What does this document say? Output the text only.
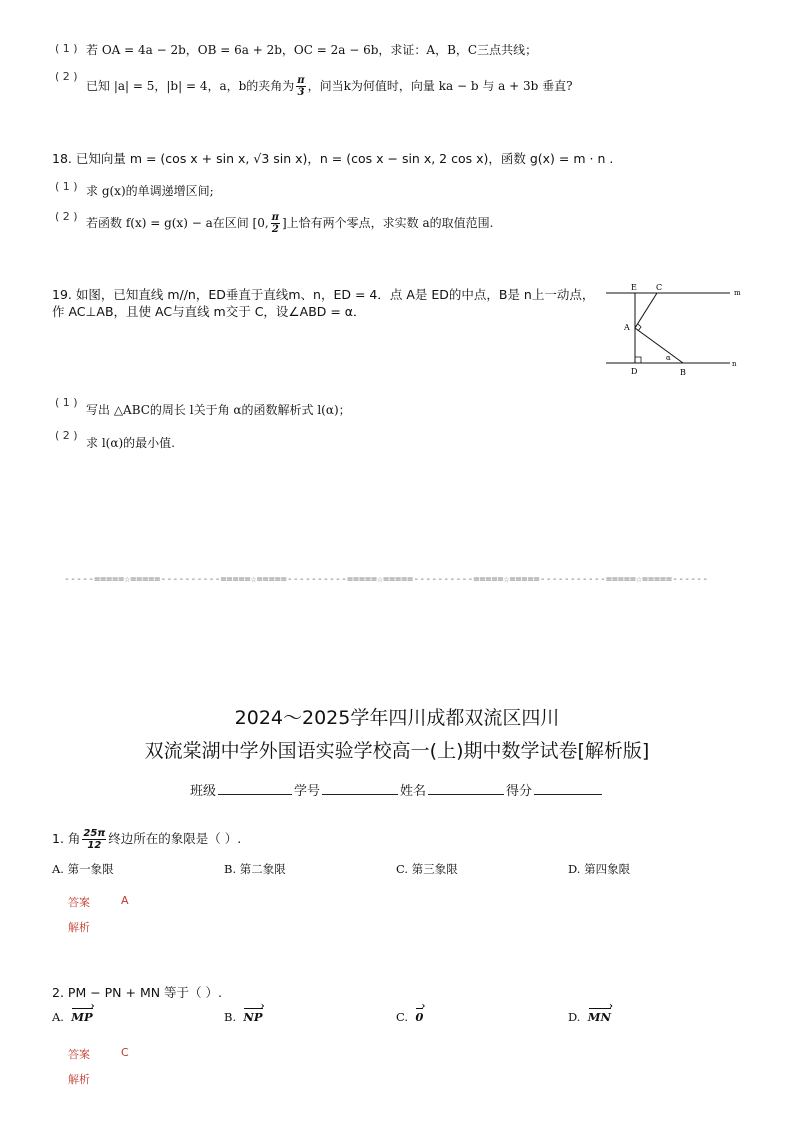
( 1 ) 若 OA = 4a − 2b，OB = 6a + 2b，OC = 2a − 6b，求证：A，B，C三点共线；
( 2 )
已知 |a| = 5，|b| = 4，a，b的夹角为 $\frac{\pi}{3}$ ，问当k为何值时，向量 ka − b 与 a + 3b 垂直?
18. 已知向量 m = (cos x + sin x, √3 sin x)，n = (cos x − sin x, 2 cos x)，函数 g(x) = m · n .
( 1 ) 求 g(x)的单调递增区间;
( 2 ) 若函数 f(x) = g(x) − a在区间 [0, $\frac{\pi}{2}$ ]上恰有两个零点，求实数 a的取值范围.
19. 如图，已知直线 m//n，ED垂直于直线m、n，ED = 4．点 A是 ED的中点，B是 n上一动点，
作 AC⊥AB，且使 AC与直线 m交于 C，设∠ABD = α．
E C
m
A
D	B
n
α
( 1 )
写出 △ABC的周长 l关于角 α的函数解析式 l(α)；
( 2 )
求 l(α)的最小值.
-----=====☆=====----------=====☆=====----------=====☆=====----------=====☆=====-----------=====☆=====------
2024～2025学年四川成都双流区四川
双流棠湖中学外国语实验学校高一(上)期中数学试卷[解析版]
班级	学号	姓名	得分
1. 角 $\frac{25\pi}{12}$ 终边所在的象限是（ ）.
A. 第一象限	B. 第二象限	C. 第三象限	D. 第四象限
答案	A
解析
2. PM − PN + MN 等于（ ）.
A. › MP	B. › NP	C. › 0	D. › MN
答案	C
解析
